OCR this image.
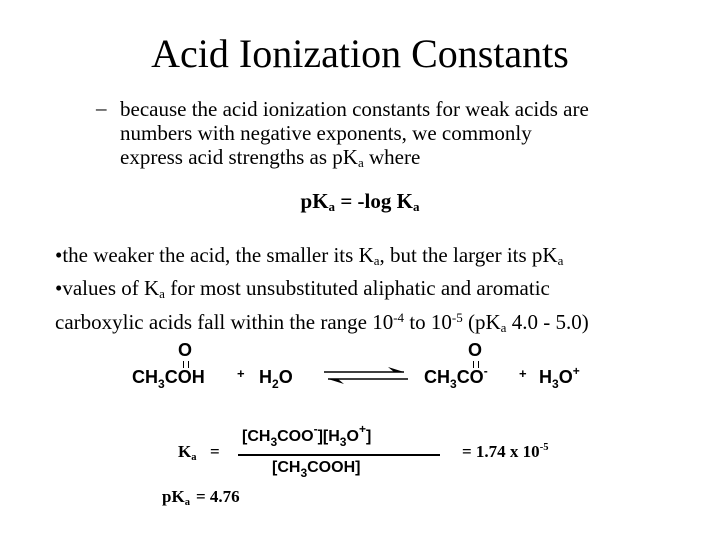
Acid Ionization Constants
– because the acid ionization constants for weak acids are
numbers with negative exponents, we commonly
express acid strengths as $pK_a$ where
$pK_a = -\log$ $K_a$
•the weaker the acid, the smaller its $K_a$, but the larger its $pK_a$
•values of $K_a$ for most unsubstituted aliphatic and aromatic
carboxylic acids fall within the range $10^{-4}$ to $10^{-5}$ ($pK_a$ 4.0 - 5.0)
O
$CH_3COH + H_2O$
O
$CH_3CO^- + H_3O^+$
$K_a$ =
$[CH_3COO^-][H_3O^+]$
$[CH_3COOH]$
= 1.74 x $10^{-5}$
$pK_a = 4.76$
